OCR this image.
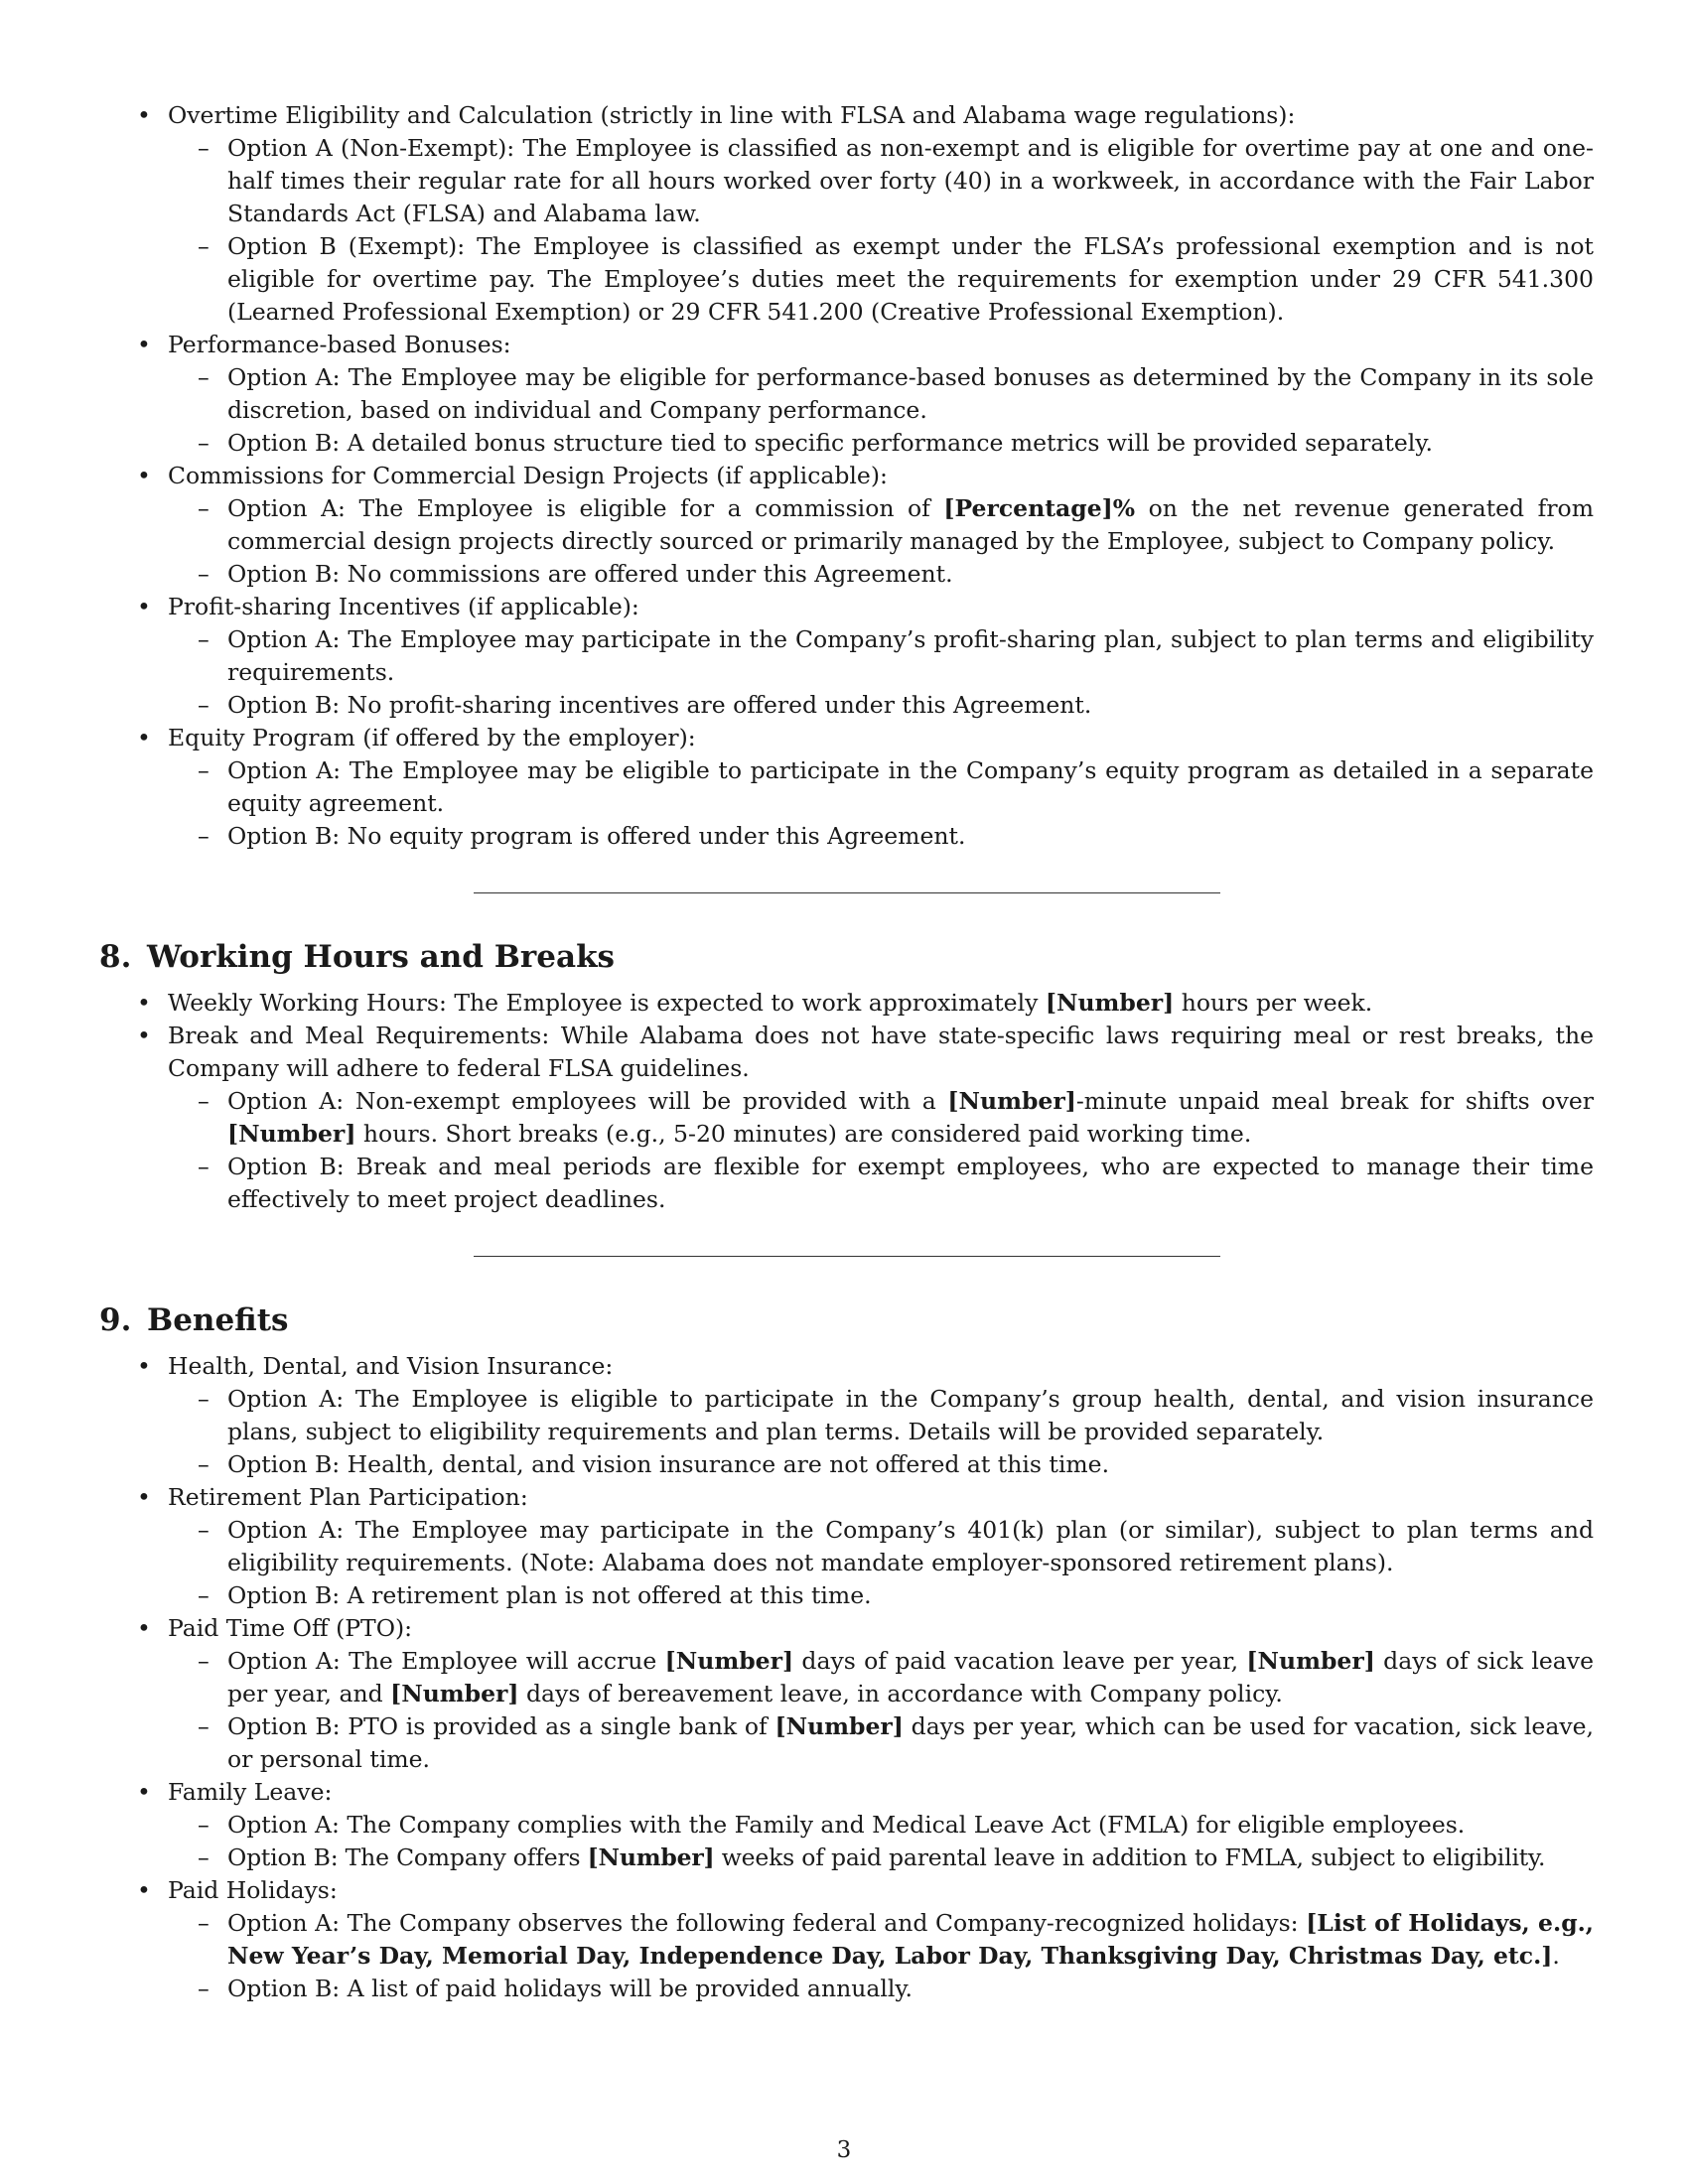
• Overtime Eligibility and Calculation (strictly in line with FLSA and Alabama wage regulations):
– Option A (Non-Exempt): The Employee is classified as non-exempt and is eligible for overtime pay at one and one-half times their regular rate for all hours worked over forty (40) in a workweek, in accordance with the Fair Labor Standards Act (FLSA) and Alabama law.
– Option B (Exempt): The Employee is classified as exempt under the FLSA’s professional exemption and is not eligible for overtime pay. The Employee’s duties meet the requirements for exemption under 29 CFR 541.300 (Learned Professional Exemption) or 29 CFR 541.200 (Creative Professional Exemption).
• Performance-based Bonuses:
– Option A: The Employee may be eligible for performance-based bonuses as determined by the Company in its sole discretion, based on individual and Company performance.
– Option B: A detailed bonus structure tied to specific performance metrics will be provided separately.
• Commissions for Commercial Design Projects (if applicable):
– Option A: The Employee is eligible for a commission of [Percentage]% on the net revenue generated from commercial design projects directly sourced or primarily managed by the Employee, subject to Company policy.
– Option B: No commissions are offered under this Agreement.
• Profit-sharing Incentives (if applicable):
– Option A: The Employee may participate in the Company’s profit-sharing plan, subject to plan terms and eligibility requirements.
– Option B: No profit-sharing incentives are offered under this Agreement.
• Equity Program (if offered by the employer):
– Option A: The Employee may be eligible to participate in the Company’s equity program as detailed in a separate equity agreement.
– Option B: No equity program is offered under this Agreement.
8. Working Hours and Breaks
• Weekly Working Hours: The Employee is expected to work approximately [Number] hours per week.
• Break and Meal Requirements: While Alabama does not have state-specific laws requiring meal or rest breaks, the Company will adhere to federal FLSA guidelines.
– Option A: Non-exempt employees will be provided with a [Number]-minute unpaid meal break for shifts over [Number] hours. Short breaks (e.g., 5-20 minutes) are considered paid working time.
– Option B: Break and meal periods are flexible for exempt employees, who are expected to manage their time effectively to meet project deadlines.
9. Benefits
• Health, Dental, and Vision Insurance:
– Option A: The Employee is eligible to participate in the Company’s group health, dental, and vision insurance plans, subject to eligibility requirements and plan terms. Details will be provided separately.
– Option B: Health, dental, and vision insurance are not offered at this time.
• Retirement Plan Participation:
– Option A: The Employee may participate in the Company’s 401(k) plan (or similar), subject to plan terms and eligibility requirements. (Note: Alabama does not mandate employer-sponsored retirement plans).
– Option B: A retirement plan is not offered at this time.
• Paid Time Off (PTO):
– Option A: The Employee will accrue [Number] days of paid vacation leave per year, [Number] days of sick leave per year, and [Number] days of bereavement leave, in accordance with Company policy.
– Option B: PTO is provided as a single bank of [Number] days per year, which can be used for vacation, sick leave, or personal time.
• Family Leave:
– Option A: The Company complies with the Family and Medical Leave Act (FMLA) for eligible employees.
– Option B: The Company offers [Number] weeks of paid parental leave in addition to FMLA, subject to eligibility.
• Paid Holidays:
– Option A: The Company observes the following federal and Company-recognized holidays: [List of Holidays, e.g., New Year’s Day, Memorial Day, Independence Day, Labor Day, Thanksgiving Day, Christmas Day, etc.].
– Option B: A list of paid holidays will be provided annually.
3
